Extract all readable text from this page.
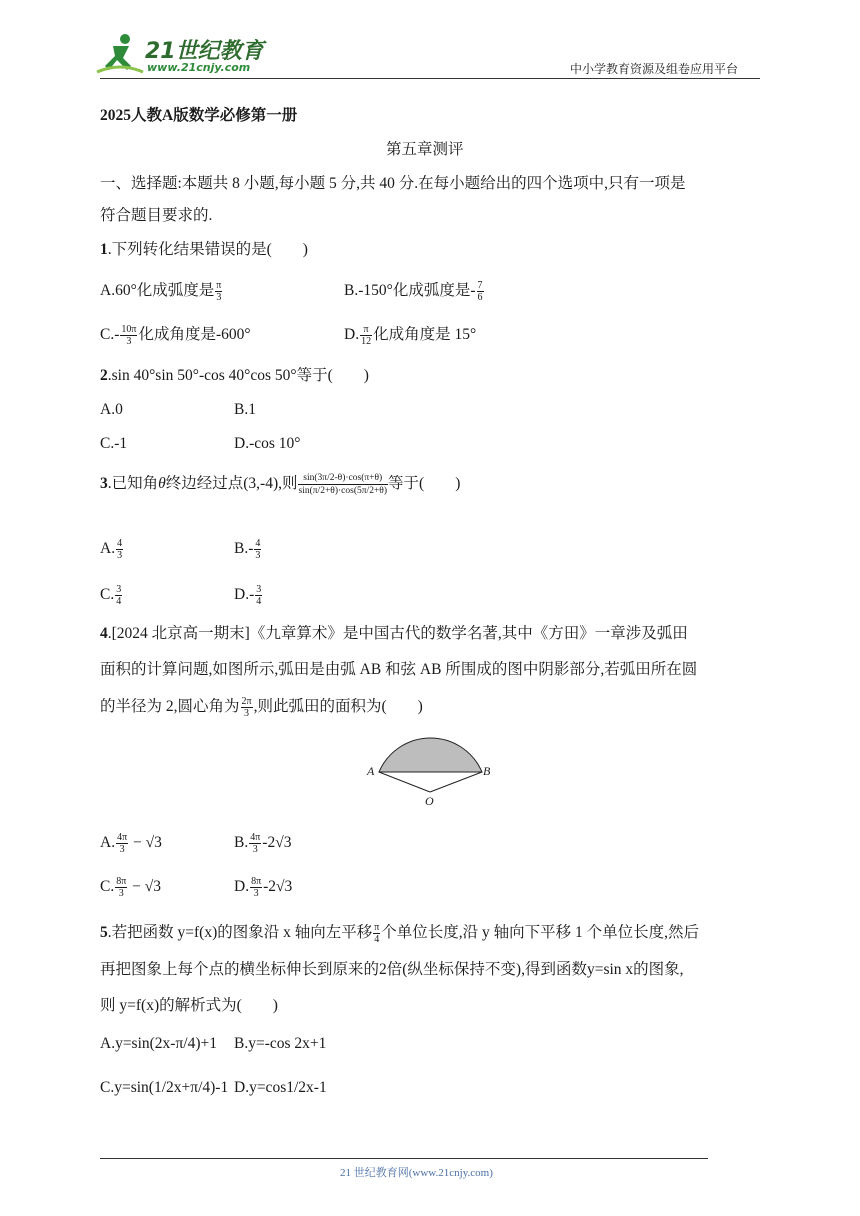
21世纪教育
www.21cnjy.com	中小学教育资源及组卷应用平台
2025人教A版数学必修第一册
第五章测评
一、选择题:本题共 8 小题,每小题 5 分,共 40 分.在每小题给出的四个选项中,只有一项是
符合题目要求的.
1.下列转化结果错误的是(　　)
A.60°化成弧度是 $\frac{\pi}{3}$	B.-150°化成弧度是- $\frac{7}{6}$
$C.- \frac{10\pi}{3}$ 化成角度是-600°	D. $\frac{\pi}{12}$ 化成角度是 15°
2.sin 40°sin 50°-cos 40°cos 50°等于(　　)
A.0	B.1
C.-1	D.-cos 10°
3.已知角θ终边经过点(3,-4),则 $\frac{\sin(3\pi/2-\theta)\cdot\cos(\pi+\theta)}{\sin(\pi/2+\theta)\cdot\cos(5\pi/2+\theta)}$ 等于(　　)
A. $\frac{4}{3}$	$B.- \frac{4}{3}$
C. $\frac{3}{4}$	$D.- \frac{3}{4}$
4.[2024 北京高一期末]《九章算术》是中国古代的数学名著,其中《方田》一章涉及弧田
面积的计算问题,如图所示,弧田是由弧 AB 和弦 AB 所围成的图中阴影部分,若弧田所在圆
的半径为 2,圆心角为 $\frac{2\pi}{3}$ ,则此弧田的面积为(　　)
A	B
O
A. $\frac{4\pi}{3} - √3$	B. $\frac{4\pi}{3} -2√3$
C. $\frac{8\pi}{3} - √3$	D. $\frac{8\pi}{3} -2√3$
5.若把函数 y=f(x)的图象沿 x 轴向左平移 $\frac{\pi}{4}$ 个单位长度,沿 y 轴向下平移 1 个单位长度,然后
再把图象上每个点的横坐标伸长到原来的2倍(纵坐标保持不变),得到函数y=sin x的图象,
则 y=f(x)的解析式为(　　)
A.y=sin(2x-π/4)+1 B.y=-cos 2x+1
C.y=sin(1/2x+π/4)-1 D.y=cos1/2x-1
21 世纪教育网(www.21cnjy.com)
